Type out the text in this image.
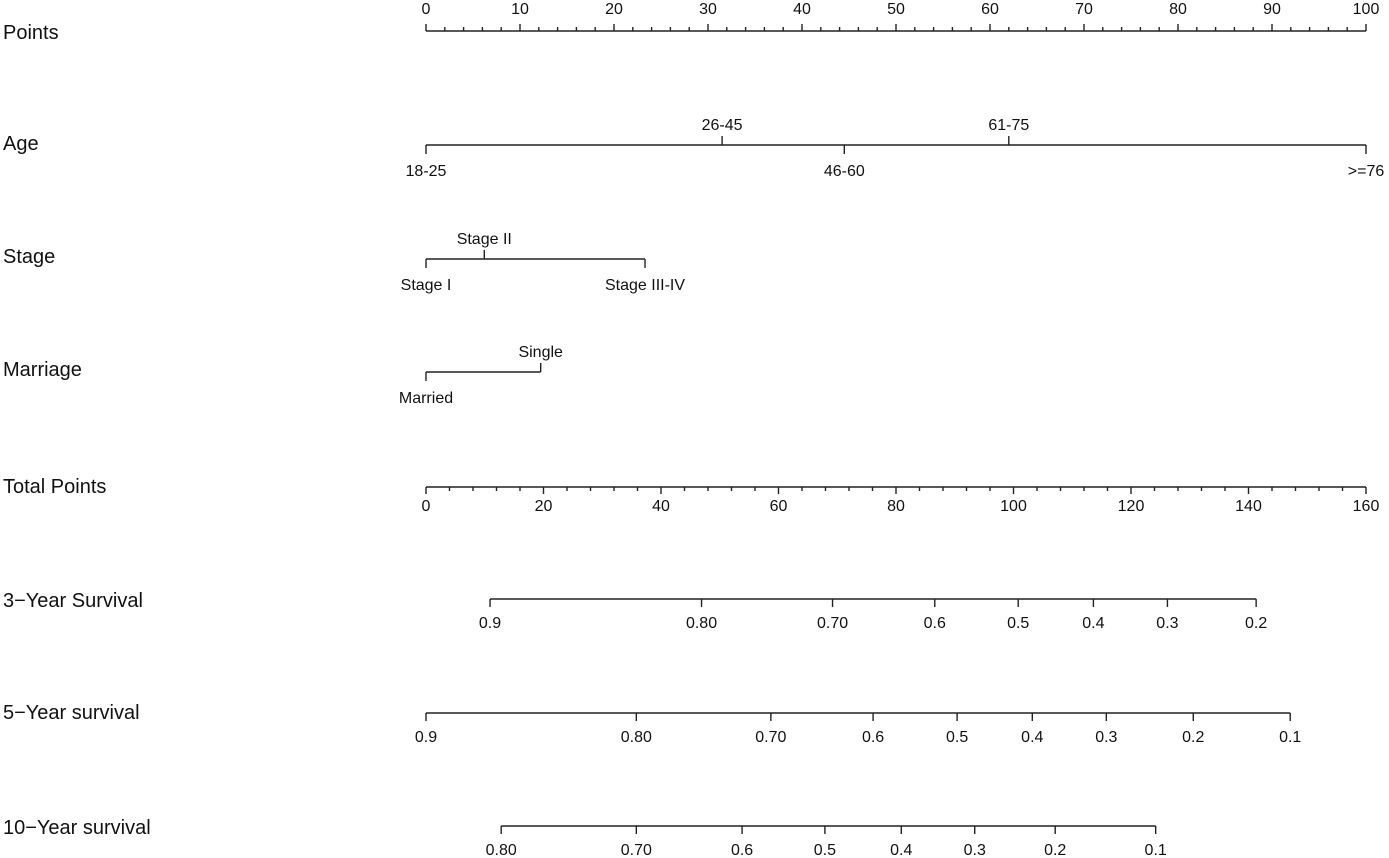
Points
0	10	20	30	40	50	60	70	80	90	100
Age
18-25
26-45
46-60
61-75
>=76
Stage
Stage I
Stage II
Stage III-IV
Marriage
Married
Single
Total Points
0	20	40	60	80	100	120	140	160
3−Year Survival
0.9	0.80	0.70	0.6	0.5	0.4	0.3	0.2
5−Year survival
0.9	0.80	0.70	0.6	0.5	0.4	0.3	0.2	0.1
10−Year survival
0.80	0.70	0.6	0.5	0.4	0.3	0.2	0.1
